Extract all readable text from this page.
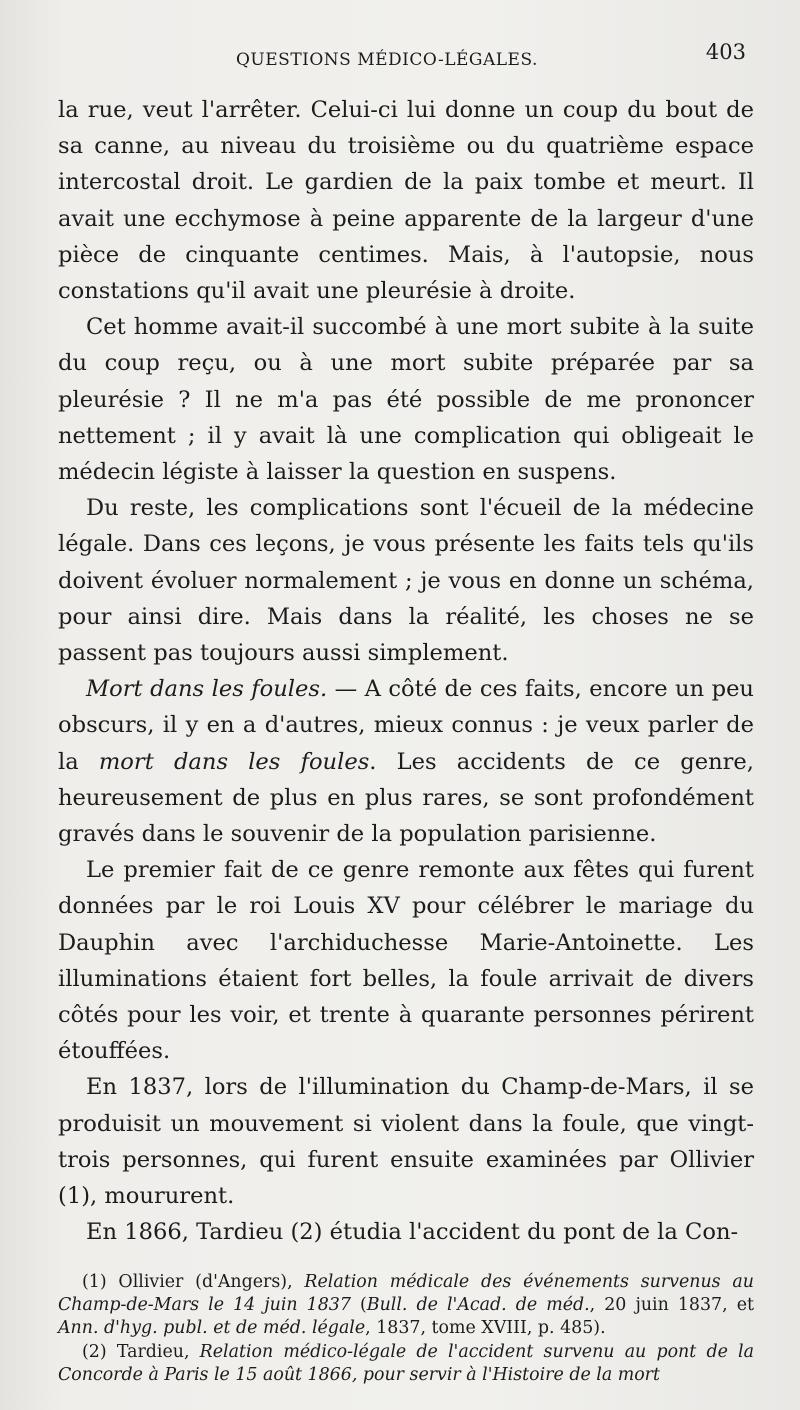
QUESTIONS MÉDICO-LÉGALES.	403

la rue, veut l'arrêter. Celui-ci lui donne un coup du bout de sa canne, au niveau du troisième ou du quatrième espace intercostal droit. Le gardien de la paix tombe et meurt. Il avait une ecchymose à peine apparente de la largeur d'une pièce de cinquante centimes. Mais, à l'autopsie, nous constations qu'il avait une pleurésie à droite.

Cet homme avait-il succombé à une mort subite à la suite du coup reçu, ou à une mort subite préparée par sa pleurésie ? Il ne m'a pas été possible de me prononcer nettement ; il y avait là une complication qui obligeait le médecin légiste à laisser la question en suspens.

Du reste, les complications sont l'écueil de la médecine légale. Dans ces leçons, je vous présente les faits tels qu'ils doivent évoluer normalement ; je vous en donne un schéma, pour ainsi dire. Mais dans la réalité, les choses ne se passent pas toujours aussi simplement.

Mort dans les foules. — A côté de ces faits, encore un peu obscurs, il y en a d'autres, mieux connus : je veux parler de la mort dans les foules. Les accidents de ce genre, heureusement de plus en plus rares, se sont profondément gravés dans le souvenir de la population parisienne.

Le premier fait de ce genre remonte aux fêtes qui furent données par le roi Louis XV pour célébrer le mariage du Dauphin avec l'archiduchesse Marie-Antoinette. Les illuminations étaient fort belles, la foule arrivait de divers côtés pour les voir, et trente à quarante personnes périrent étouffées.

En 1837, lors de l'illumination du Champ-de-Mars, il se produisit un mouvement si violent dans la foule, que vingt-trois personnes, qui furent ensuite examinées par Ollivier (1), moururent.

En 1866, Tardieu (2) étudia l'accident du pont de la Con-

(1) Ollivier (d'Angers), Relation médicale des événements survenus au Champ-de-Mars le 14 juin 1837 (Bull. de l'Acad. de méd., 20 juin 1837, et Ann. d'hyg. publ. et de méd. légale, 1837, tome XVIII, p. 485).

(2) Tardieu, Relation médico-légale de l'accident survenu au pont de la Concorde à Paris le 15 août 1866, pour servir à l'Histoire de la mort
